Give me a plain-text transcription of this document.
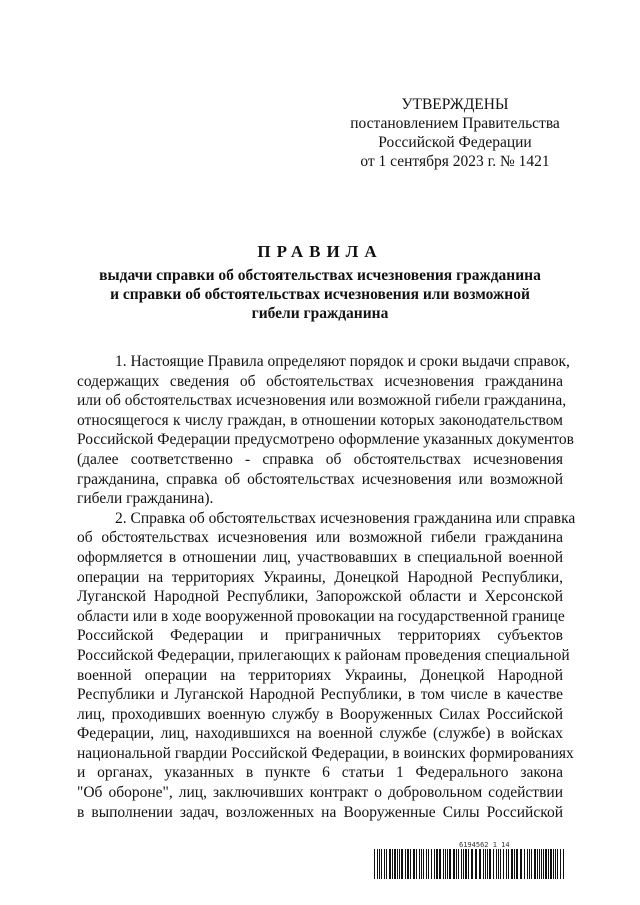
УТВЕРЖДЕНЫ
постановлением Правительства
Российской Федерации
от 1 сентября 2023 г. № 1421
ПРАВИЛА
выдачи справки об обстоятельствах исчезновения гражданина
и справки об обстоятельствах исчезновения или возможной
гибели гражданина
1. Настоящие Правила определяют порядок и сроки выдачи справок,
содержащих сведения об обстоятельствах исчезновения гражданина
или об обстоятельствах исчезновения или возможной гибели гражданина,
относящегося к числу граждан, в отношении которых законодательством
Российской Федерации предусмотрено оформление указанных документов
(далее соответственно - справка об обстоятельствах исчезновения
гражданина, справка об обстоятельствах исчезновения или возможной
гибели гражданина).
2. Справка об обстоятельствах исчезновения гражданина или справка
об обстоятельствах исчезновения или возможной гибели гражданина
оформляется в отношении лиц, участвовавших в специальной военной
операции на территориях Украины, Донецкой Народной Республики,
Луганской Народной Республики, Запорожской области и Херсонской
области или в ходе вооруженной провокации на государственной границе
Российской Федерации и приграничных территориях субъектов
Российской Федерации, прилегающих к районам проведения специальной
военной операции на территориях Украины, Донецкой Народной
Республики и Луганской Народной Республики, в том числе в качестве
лиц, проходивших военную службу в Вооруженных Силах Российской
Федерации, лиц, находившихся на военной службе (службе) в войсках
национальной гвардии Российской Федерации, в воинских формированиях
и органах, указанных в пункте 6 статьи 1 Федерального закона
"Об обороне", лиц, заключивших контракт о добровольном содействии
в выполнении задач, возложенных на Вооруженные Силы Российской
6194562 1 14
